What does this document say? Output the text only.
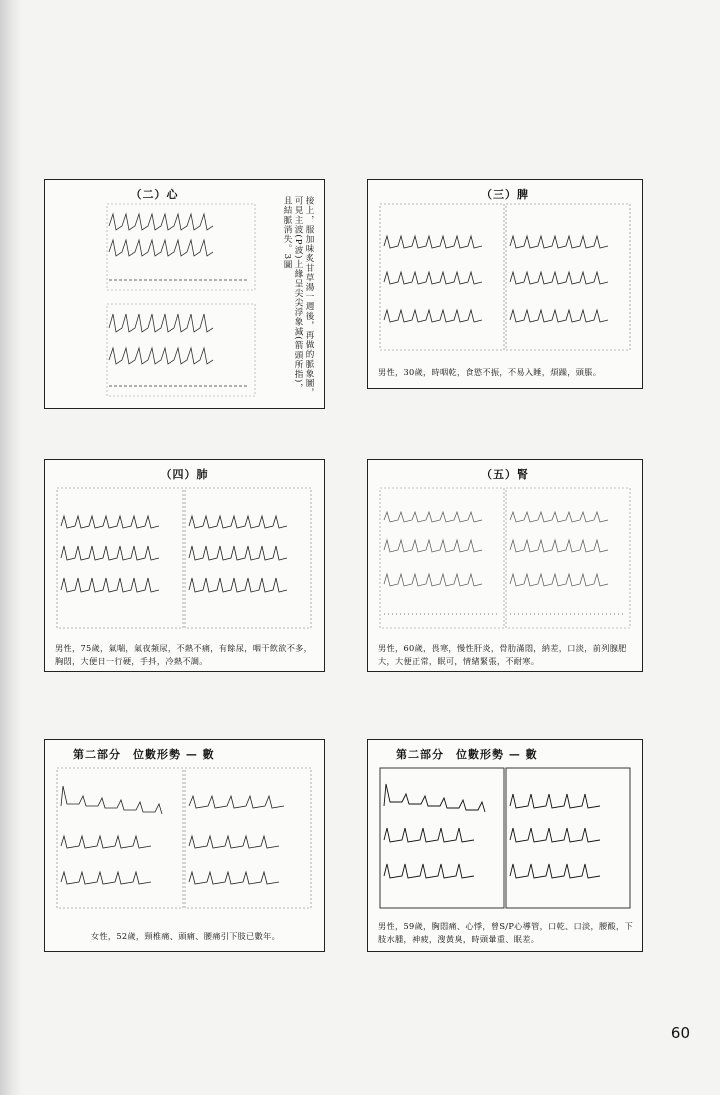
（二）心
接上，服加味炙甘草湯一週後，再做的脈象圖，可見主波(P波)上緣呈尖尖浮象減(箭頭所指)，且結脈消失。3圖
（三）脾
男性，30歲，時咽乾，食慾不振，不易入睡，煩躁，頭脹。
（四）肺
男性，75歲，氣喘，氣夜頻尿，不熱不痛，有餘尿，咽干飲欲不多，胸悶，大便日一行硬，手抖，冷熱不調。
（五）腎
男性，60歲，畏寒，慢性肝炎，骨肋滿悶，納差，口淡，前列腺肥大，大便正常，眠可，情緒緊張，不耐寒。
第二部分　位數形勢 — 數
女性，52歲，頸椎痛、頭痛、腰痛引下肢已數年。
第二部分　位數形勢 — 數
男性，59歲，胸悶痛、心悸，曾S/P心導管，口乾、口淡，腰酸，下肢水腫，神疲，溲黃臭，時頭暈重、眠差。
60
